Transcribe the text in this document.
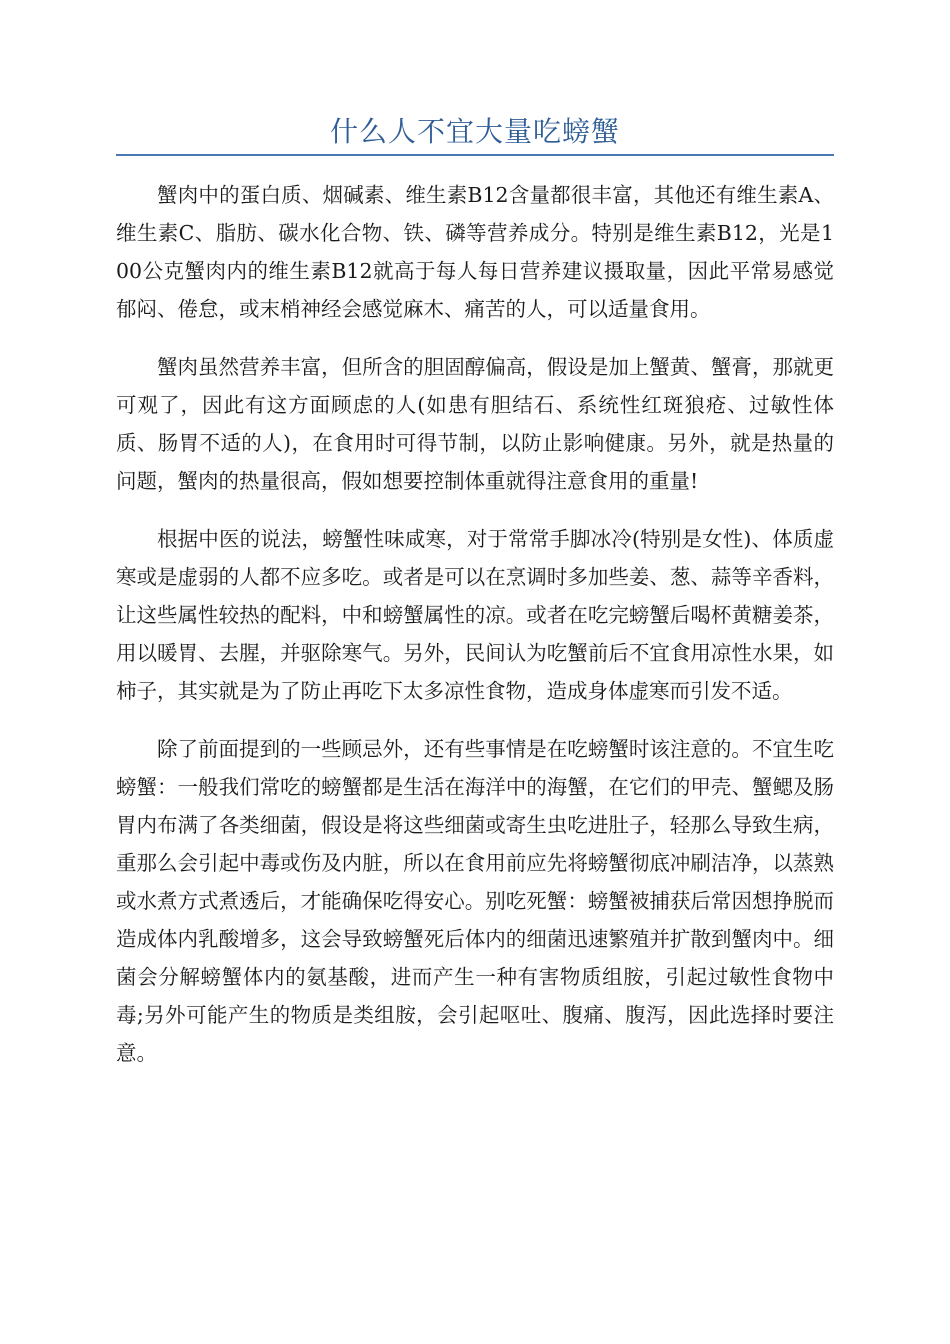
什么人不宜大量吃螃蟹

蟹肉中的蛋白质、烟碱素、维生素B12含量都很丰富，其他还有维生素A、维生素C、脂肪、碳水化合物、铁、磷等营养成分。特别是维生素B12，光是100公克蟹肉内的维生素B12就高于每人每日营养建议摄取量，因此平常易感觉郁闷、倦怠，或末梢神经会感觉麻木、痛苦的人，可以适量食用。

蟹肉虽然营养丰富，但所含的胆固醇偏高，假设是加上蟹黄、蟹膏，那就更可观了，因此有这方面顾虑的人(如患有胆结石、系统性红斑狼疮、过敏性体质、肠胃不适的人)，在食用时可得节制，以防止影响健康。另外，就是热量的问题，蟹肉的热量很高，假如想要控制体重就得注意食用的重量!

根据中医的说法，螃蟹性味咸寒，对于常常手脚冰冷(特别是女性)、体质虚寒或是虚弱的人都不应多吃。或者是可以在烹调时多加些姜、葱、蒜等辛香料，让这些属性较热的配料，中和螃蟹属性的凉。或者在吃完螃蟹后喝杯黄糖姜茶，用以暖胃、去腥，并驱除寒气。另外，民间认为吃蟹前后不宜食用凉性水果，如柿子，其实就是为了防止再吃下太多凉性食物，造成身体虚寒而引发不适。

除了前面提到的一些顾忌外，还有些事情是在吃螃蟹时该注意的。不宜生吃螃蟹：一般我们常吃的螃蟹都是生活在海洋中的海蟹，在它们的甲壳、蟹鳃及肠胃内布满了各类细菌，假设是将这些细菌或寄生虫吃进肚子，轻那么导致生病，重那么会引起中毒或伤及内脏，所以在食用前应先将螃蟹彻底冲刷洁净，以蒸熟或水煮方式煮透后，才能确保吃得安心。别吃死蟹：螃蟹被捕获后常因想挣脱而造成体内乳酸增多，这会导致螃蟹死后体内的细菌迅速繁殖并扩散到蟹肉中。细菌会分解螃蟹体内的氨基酸，进而产生一种有害物质组胺，引起过敏性食物中毒;另外可能产生的物质是类组胺，会引起呕吐、腹痛、腹泻，因此选择时要注意。
